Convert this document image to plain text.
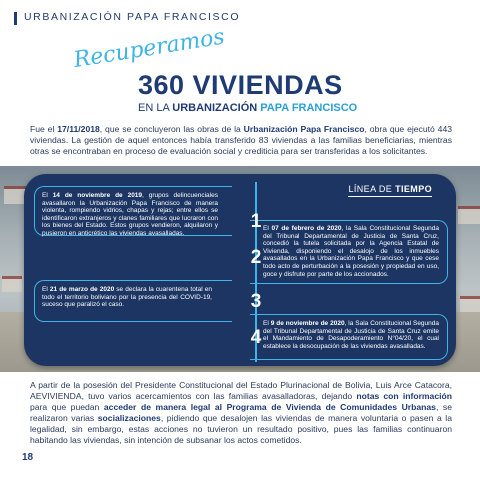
URBANIZACIÓN PAPA FRANCISCO
Recuperamos
360 VIVIENDAS
EN LA URBANIZACIÓN PAPA FRANCISCO

Fue el 17/11/2018, que se concluyeron las obras de la Urbanización Papa Francisco, obra que ejecutó 443 viviendas. La gestión de aquel entonces había transferido 83 viviendas a las familias beneficiarias, mientras otras se encontraban en proceso de evaluación social y crediticia para ser transferidas a los solicitantes.

LÍNEA DE TIEMPO

El 14 de noviembre de 2019, grupos delincuenciales avasallaron la Urbanización Papa Francisco de manera violenta, rompiendo vidrios, chapas y rejas; entre ellos se identificaron extranjeros y clanes familiares que lucraron con los bienes del Estado. Estos grupos vendieron, alquilaron y pusieron en anticrético las viviendas avasalladas.

El 07 de febrero de 2020, la Sala Constitucional Segunda del Tribunal Departamental de Justicia de Santa Cruz, concedió la tutela solicitada por la Agencia Estatal de Vivienda, disponiendo el desalojo de los inmuebles avasallados en la Urbanización Papa Francisco y que cese todo acto de perturbación a la posesión y propiedad en uso, goce y disfrute por parte de los accionados.

El 21 de marzo de 2020 se declara la cuarentena total en todo el territorio boliviano por la presencia del COVID-19, suceso que paralizó el caso.

El 9 de noviembre de 2020, la Sala Constitucional Segunda del Tribunal Departamental de Justicia de Santa Cruz emite el Mandamiento de Desapoderamiento N°04/20, el cual establece la desocupación de las viviendas avasalladas.

1
2
3
4

A partir de la posesión del Presidente Constitucional del Estado Plurinacional de Bolivia, Luis Arce Catacora, AEVIVIENDA, tuvo varios acercamientos con las familias avasalladoras, dejando notas con información para que puedan acceder de manera legal al Programa de Vivienda de Comunidades Urbanas, se realizaron varias socializaciones, pidiendo que desalojen las viviendas de manera voluntaria o pasen a la legalidad, sin embargo, estas acciones no tuvieron un resultado positivo, pues las familias continuaron habitando las viviendas, sin intención de subsanar los actos cometidos.

18
